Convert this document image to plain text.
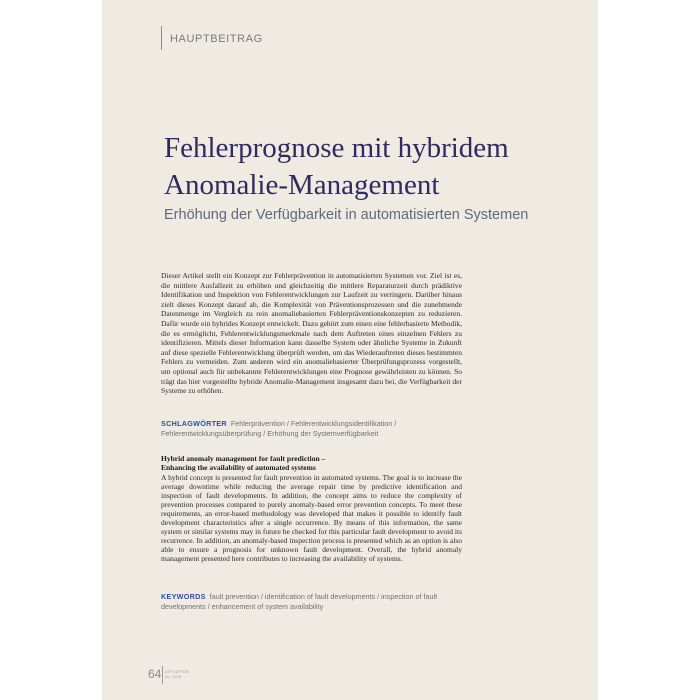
HAUPTBEITRAG
Fehlerprognose mit hybridem Anomalie-Management
Erhöhung der Verfügbarkeit in automatisierten Systemen
Dieser Artikel stellt ein Konzept zur Fehlerprävention in automatisierten Systemen vor. Ziel ist es, die mittlere Ausfallzeit zu erhöhen und gleichzeitig die mittlere Reparaturzeit durch prädiktive Identifikation und Inspektion von Fehlerentwicklungen zur Laufzeit zu verringern. Darüber hinaus zielt dieses Konzept darauf ab, die Komplexität von Präventionsprozessen und die zunehmende Datenmenge im Vergleich zu rein anomaliebasierten Fehlerpräventionskonzepten zu reduzieren. Dafür wurde ein hybrides Konzept entwickelt. Dazu gehört zum einen eine fehlerbasierte Methodik, die es ermöglicht, Fehlerentwicklungsmerkmale nach dem Auftreten eines einzelnen Fehlers zu identifizieren. Mittels dieser Information kann dasselbe System oder ähnliche Systeme in Zukunft auf diese spezielle Fehlerentwicklung überprüft werden, um das Wiederauftreten dieses bestimmten Fehlers zu vermeiden. Zum anderen wird ein anomaliebasierter Überprüfungsprozess vorgestellt, um optional auch für unbekannte Fehlerentwicklungen eine Prognose gewährleisten zu können. So trägt das hier vorgestellte hybride Anomalie-Management insgesamt dazu bei, die Verfügbarkeit der Systeme zu erhöhen.
SCHLAGWÖRTER Fehlerprävention / Fehlerentwicklungsidentifikation / Fehlerentwicklungsüberprüfung / Erhöhung der Systemverfügbarkeit
Hybrid anomaly management for fault prediction –
Enhancing the availability of automated systems
A hybrid concept is presented for fault prevention in automated systems. The goal is to increase the average downtime while reducing the average repair time by predictive identification and inspection of fault developments. In addition, the concept aims to reduce the complexity of prevention processes compared to purely anomaly-based error prevention concepts. To meet these requirements, an error-based methodology was developed that makes it possible to identify fault development characteristics after a single occurrence. By means of this information, the same system or similar systems may in future be checked for this particular fault development to avoid its recurrence. In addition, an anomaly-based inspection process is presented which as an option is also able to ensure a prognosis for unknown fault development. Overall, the hybrid anomaly management presented here contributes to increasing the availability of systems.
KEYWORDS fault prevention / identification of fault developments / inspection of fault developments / enhancement of system availability
64 ATP EDITION
10 / 2019
